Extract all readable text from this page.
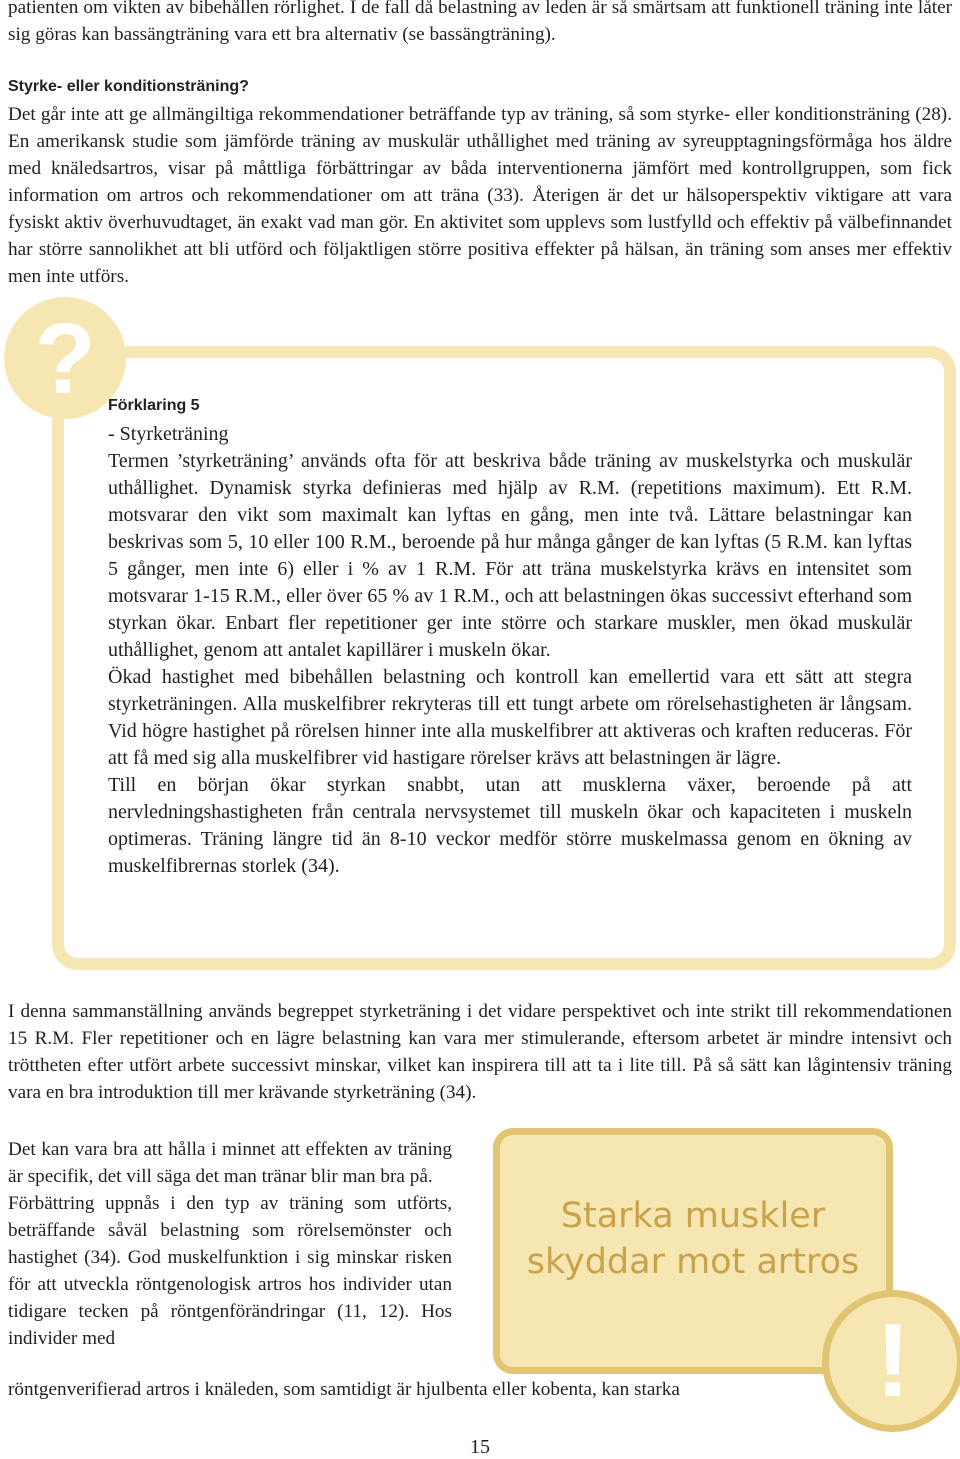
patienten om vikten av bibehållen rörlighet. I de fall då belastning av leden är så smärtsam att funktionell träning inte låter sig göras kan bassängträning vara ett bra alternativ (se bassängträning).

Styrke- eller konditionsträning?
Det går inte att ge allmängiltiga rekommendationer beträffande typ av träning, så som styrke- eller konditionsträning (28). En amerikansk studie som jämförde träning av muskulär uthållighet med träning av syreupptagningsförmåga hos äldre med knäledsartros, visar på måttliga förbättringar av båda interventionerna jämfört med kontrollgruppen, som fick information om artros och rekommendationer om att träna (33). Återigen är det ur hälsoperspektiv viktigare att vara fysiskt aktiv överhuvudtaget, än exakt vad man gör. En aktivitet som upplevs som lustfylld och effektiv på välbefinnandet har större sannolikhet att bli utförd och följaktligen större positiva effekter på hälsan, än träning som anses mer effektiv men inte utförs.
? Förklaring 5
- Styrketräning
Termen ’styrketräning’ används ofta för att beskriva både träning av muskelstyrka och muskulär uthållighet. Dynamisk styrka definieras med hjälp av R.M. (repetitions maximum). Ett R.M. motsvarar den vikt som maximalt kan lyftas en gång, men inte två. Lättare belastningar kan beskrivas som 5, 10 eller 100 R.M., beroende på hur många gånger de kan lyftas (5 R.M. kan lyftas 5 gånger, men inte 6) eller i % av 1 R.M. För att träna muskelstyrka krävs en intensitet som motsvarar 1-15 R.M., eller över 65 % av 1 R.M., och att belastningen ökas successivt efterhand som styrkan ökar. Enbart fler repetitioner ger inte större och starkare muskler, men ökad muskulär uthållighet, genom att antalet kapillärer i muskeln ökar.
Ökad hastighet med bibehållen belastning och kontroll kan emellertid vara ett sätt att stegra styrketräningen. Alla muskelfibrer rekryteras till ett tungt arbete om rörelsehastigheten är långsam. Vid högre hastighet på rörelsen hinner inte alla muskelfibrer att aktiveras och kraften reduceras. För att få med sig alla muskelfibrer vid hastigare rörelser krävs att belastningen är lägre.
Till en början ökar styrkan snabbt, utan att musklerna växer, beroende på att nervledningshastigheten från centrala nervsystemet till muskeln ökar och kapaciteten i muskeln optimeras. Träning längre tid än 8-10 veckor medför större muskelmassa genom en ökning av muskelfibrernas storlek (34).

I denna sammanställning används begreppet styrketräning i det vidare perspektivet och inte strikt till rekommendationen 15 R.M. Fler repetitioner och en lägre belastning kan vara mer stimulerande, eftersom arbetet är mindre intensivt och tröttheten efter utfört arbete successivt minskar, vilket kan inspirera till att ta i lite till. På så sätt kan lågintensiv träning vara en bra introduktion till mer krävande styrketräning (34).

Det kan vara bra att hålla i minnet att effekten av träning är specifik, det vill säga det man tränar blir man bra på.
Förbättring uppnås i den typ av träning som utförts, beträffande såväl belastning som rörelsemönster och hastighet (34). God muskelfunktion i sig minskar risken för att utveckla röntgenologisk artros hos individer utan tidigare tecken på röntgenförändringar (11, 12). Hos individer med
röntgenverifierad artros i knäleden, som samtidigt är hjulbenta eller kobenta, kan starka
Starka muskler
skyddar mot artros
!
15
